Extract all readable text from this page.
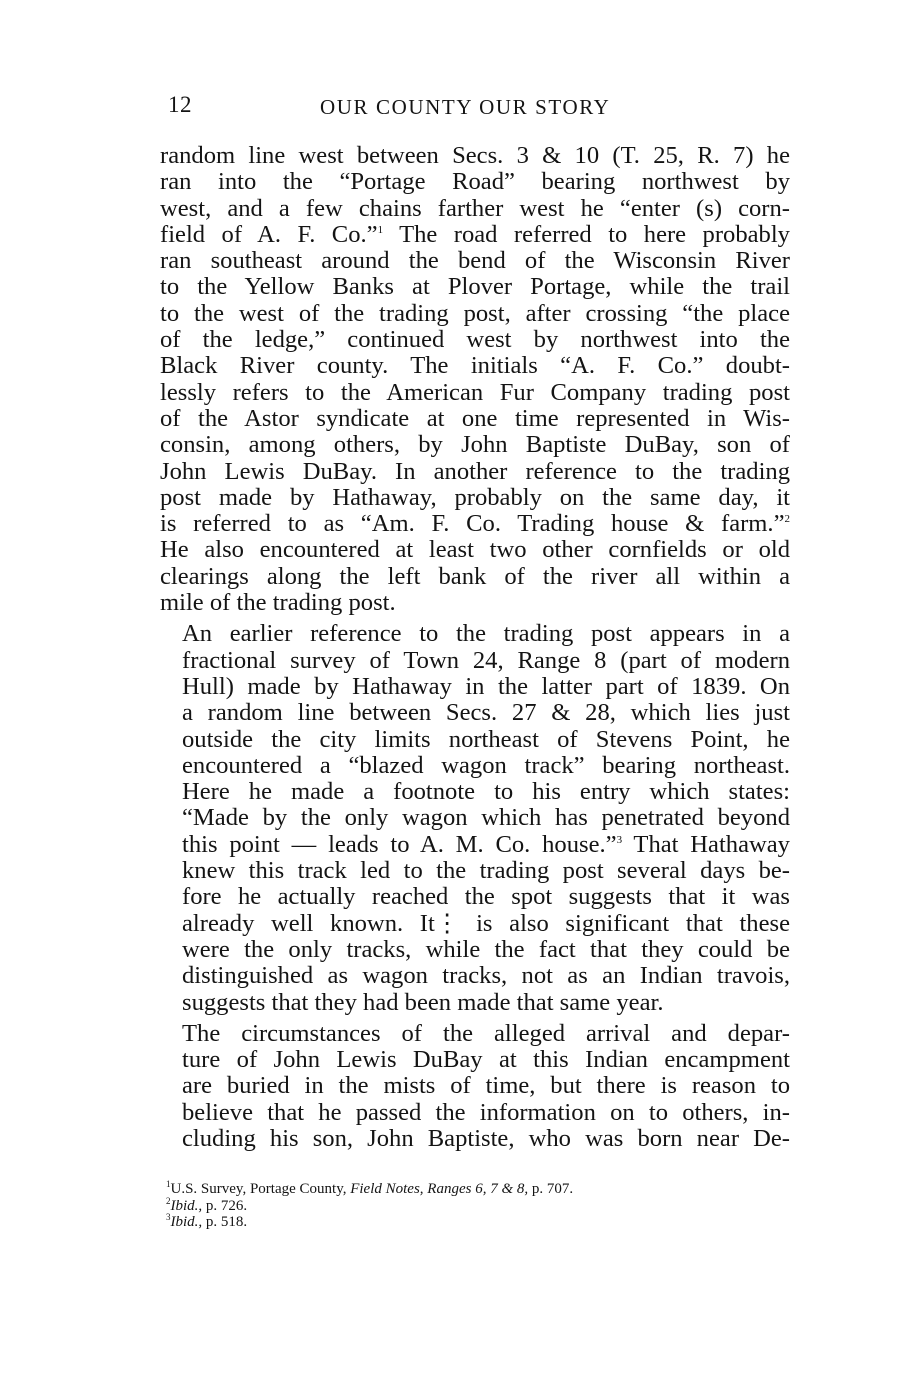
12	OUR COUNTY OUR STORY

random line west between Secs. 3 & 10 (T. 25, R. 7) he
ran into the “Portage Road” bearing northwest by
west, and a few chains farther west he “enter (s) corn-
field of A. F. Co.”$^1$ The road referred to here probably
ran southeast around the bend of the Wisconsin River
to the Yellow Banks at Plover Portage, while the trail
to the west of the trading post, after crossing “the place
of the ledge,” continued west by northwest into the
Black River county. The initials “A. F. Co.” doubt-
lessly refers to the American Fur Company trading post
of the Astor syndicate at one time represented in Wis-
consin, among others, by John Baptiste DuBay, son of
John Lewis DuBay. In another reference to the trading
post made by Hathaway, probably on the same day, it
is referred to as “Am. F. Co. Trading house & farm.”$^2$
He also encountered at least two other cornfields or old
clearings along the left bank of the river all within a
mile of the trading post.

An earlier reference to the trading post appears in a
fractional survey of Town 24, Range 8 (part of modern
Hull) made by Hathaway in the latter part of 1839. On
a random line between Secs. 27 & 28, which lies just
outside the city limits northeast of Stevens Point, he
encountered a “blazed wagon track” bearing northeast.
Here he made a footnote to his entry which states:
“Made by the only wagon which has penetrated beyond
this point — leads to A. M. Co. house.”$^3$ That Hathaway
knew this track led to the trading post several days be-
fore he actually reached the spot suggests that it was
already well known. It⋮ is also significant that these
were the only tracks, while the fact that they could be
distinguished as wagon tracks, not as an Indian travois,
suggests that they had been made that same year.

The circumstances of the alleged arrival and depar-
ture of John Lewis DuBay at this Indian encampment
are buried in the mists of time, but there is reason to
believe that he passed the information on to others, in-
cluding his son, John Baptiste, who was born near De-

$^1$U.S. Survey, Portage County, Field Notes, Ranges 6, 7 & 8, p. 707.
$^2$Ibid., p. 726.
$^3$Ibid., p. 518.
